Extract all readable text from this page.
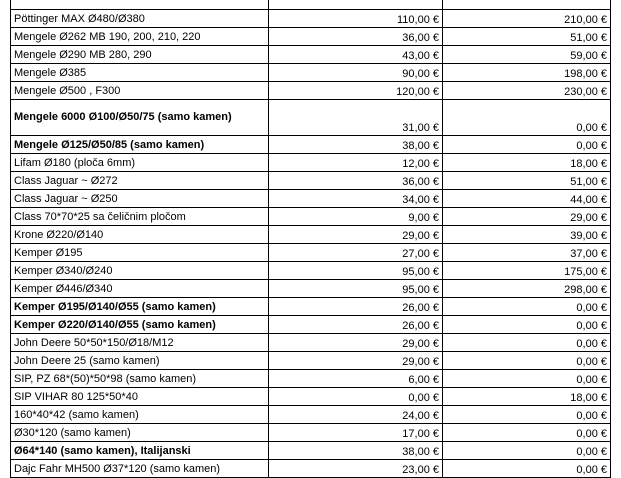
Pöttinger MAX Ø480/Ø380	110,00 €	210,00 €
Mengele Ø262 MB 190, 200, 210, 220	36,00 €	51,00 €
Mengele Ø290 MB 280, 290	43,00 €	59,00 €
Mengele Ø385	90,00 €	198,00 €
Mengele Ø500 , F300	120,00 €	230,00 €
Mengele 6000 Ø100/Ø50/75 (samo kamen)	31,00 €	0,00 €
Mengele Ø125/Ø50/85 (samo kamen)	38,00 €	0,00 €
Lifam Ø180 (ploča 6mm)	12,00 €	18,00 €
Class Jaguar ~ Ø272	36,00 €	51,00 €
Class Jaguar ~ Ø250	34,00 €	44,00 €
Class 70*70*25 sa čeličnim pločom	9,00 €	29,00 €
Krone Ø220/Ø140	29,00 €	39,00 €
Kemper Ø195	27,00 €	37,00 €
Kemper Ø340/Ø240	95,00 €	175,00 €
Kemper Ø446/Ø340	95,00 €	298,00 €
Kemper Ø195/Ø140/Ø55 (samo kamen)	26,00 €	0,00 €
Kemper Ø220/Ø140/Ø55 (samo kamen)	26,00 €	0,00 €
John Deere 50*50*150/Ø18/M12	29,00 €	0,00 €
John Deere 25 (samo kamen)	29,00 €	0,00 €
SIP, PZ 68*(50)*50*98 (samo kamen)	6,00 €	0,00 €
SIP VIHAR 80 125*50*40	0,00 €	18,00 €
160*40*42 (samo kamen)	24,00 €	0,00 €
Ø30*120 (samo kamen)	17,00 €	0,00 €
Ø64*140 (samo kamen), Italijanski	38,00 €	0,00 €
Dajc Fahr MH500 Ø37*120 (samo kamen)	23,00 €	0,00 €
